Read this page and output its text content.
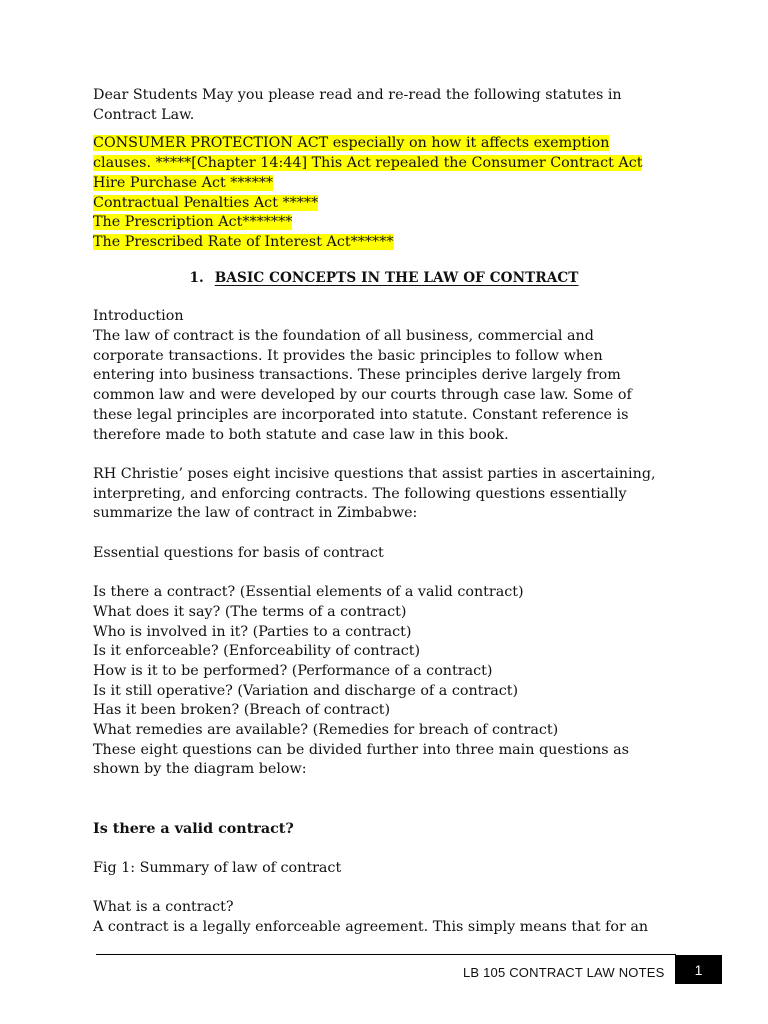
Dear Students May you please read and re-read the following statutes in
Contract Law.

CONSUMER PROTECTION ACT especially on how it affects exemption
clauses. *****[Chapter 14:44] This Act repealed the Consumer Contract Act
Hire Purchase Act ******
Contractual Penalties Act *****
The Prescription Act*******
The Prescribed Rate of Interest Act******

1. BASIC CONCEPTS IN THE LAW OF CONTRACT

Introduction

The law of contract is the foundation of all business, commercial and
corporate transactions. It provides the basic principles to follow when
entering into business transactions. These principles derive largely from
common law and were developed by our courts through case law. Some of
these legal principles are incorporated into statute. Constant reference is
therefore made to both statute and case law in this book.

RH Christie’ poses eight incisive questions that assist parties in ascertaining,
interpreting, and enforcing contracts. The following questions essentially
summarize the law of contract in Zimbabwe:

Essential questions for basis of contract

Is there a contract? (Essential elements of a valid contract)
What does it say? (The terms of a contract)
Who is involved in it? (Parties to a contract)
Is it enforceable? (Enforceability of contract)
How is it to be performed? (Performance of a contract)
Is it still operative? (Variation and discharge of a contract)
Has it been broken? (Breach of contract)
What remedies are available? (Remedies for breach of contract)

These eight questions can be divided further into three main questions as
shown by the diagram below:

Is there a valid contract?

Fig 1: Summary of law of contract

What is a contract?

A contract is a legally enforceable agreement. This simply means that for an

LB 105 CONTRACT LAW NOTES 1
